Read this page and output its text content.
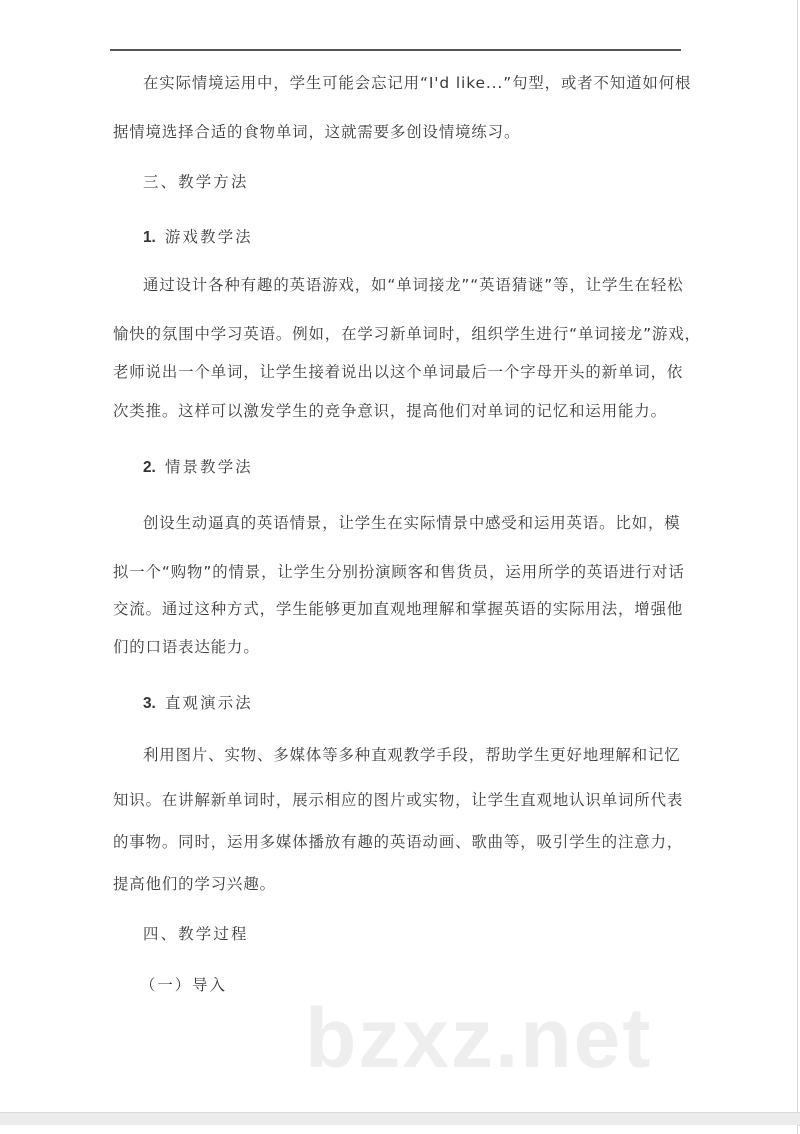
在实际情境运用中，学生可能会忘记用“I'd like...”句型，或者不知道如何根
据情境选择合适的食物单词，这就需要多创设情境练习。
三、教学方法
1. 游戏教学法
通过设计各种有趣的英语游戏，如“单词接龙”“英语猜谜”等，让学生在轻松
愉快的氛围中学习英语。例如，在学习新单词时，组织学生进行“单词接龙”游戏，
老师说出一个单词，让学生接着说出以这个单词最后一个字母开头的新单词，依
次类推。这样可以激发学生的竞争意识，提高他们对单词的记忆和运用能力。
2. 情景教学法
创设生动逼真的英语情景，让学生在实际情景中感受和运用英语。比如，模
拟一个“购物”的情景，让学生分别扮演顾客和售货员，运用所学的英语进行对话
交流。通过这种方式，学生能够更加直观地理解和掌握英语的实际用法，增强他
们的口语表达能力。
3. 直观演示法
利用图片、实物、多媒体等多种直观教学手段，帮助学生更好地理解和记忆
知识。在讲解新单词时，展示相应的图片或实物，让学生直观地认识单词所代表
的事物。同时，运用多媒体播放有趣的英语动画、歌曲等，吸引学生的注意力，
提高他们的学习兴趣。
四、教学过程
（一）导入
bzxz.net
